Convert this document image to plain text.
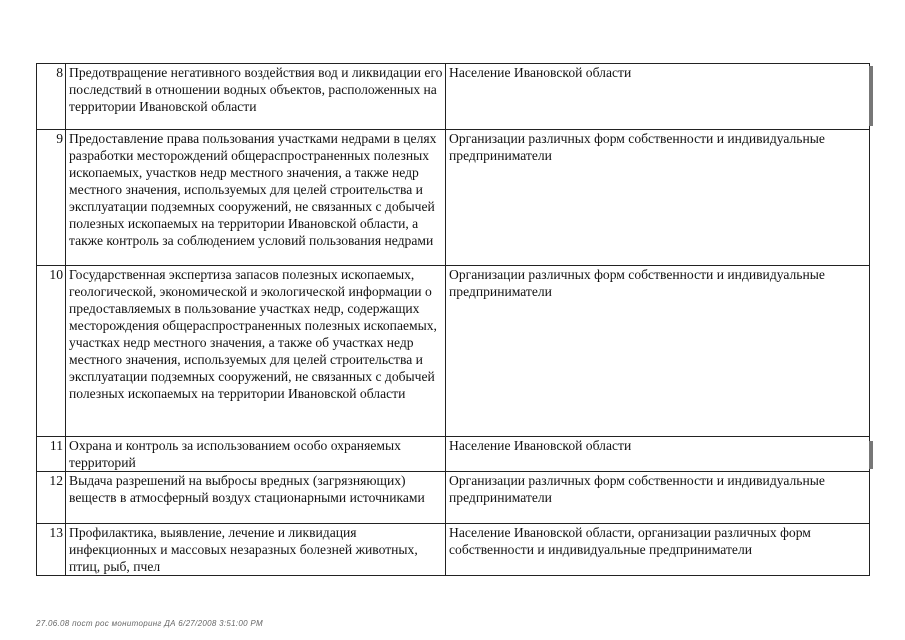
8	Предотвращение негативного воздействия вод и ликвидации его последствий в отношении водных объектов, расположенных на территории Ивановской области	Население Ивановской области
9	Предоставление права пользования участками недрами в целях разработки месторождений общераспространенных полезных ископаемых, участков недр местного значения, а также недр местного значения, используемых для целей строительства и эксплуатации подземных сооружений, не связанных с добычей полезных ископаемых на территории Ивановской области, а также контроль за соблюдением условий пользования недрами	Организации различных форм собственности и индивидуальные предприниматели
10	Государственная экспертиза запасов полезных ископаемых, геологической, экономической и экологической информации о предоставляемых в пользование участках недр, содержащих месторождения общераспространенных полезных ископаемых, участках недр местного значения, а также об участках недр местного значения, используемых для целей строительства и эксплуатации подземных сооружений, не связанных с добычей полезных ископаемых на территории Ивановской области	Организации различных форм собственности и индивидуальные предприниматели
11	Охрана и контроль за использованием особо охраняемых территорий	Население Ивановской области
12	Выдача разрешений на выбросы вредных (загрязняющих) веществ в атмосферный воздух стационарными источниками	Организации различных форм собственности и индивидуальные предприниматели
13	Профилактика, выявление, лечение и ликвидация инфекционных и массовых незаразных болезней животных, птиц, рыб, пчел	Население Ивановской области, организации различных форм собственности и индивидуальные предприниматели
27.06.08 пост рос мониторинг ДА 6/27/2008 3:51:00 PM
